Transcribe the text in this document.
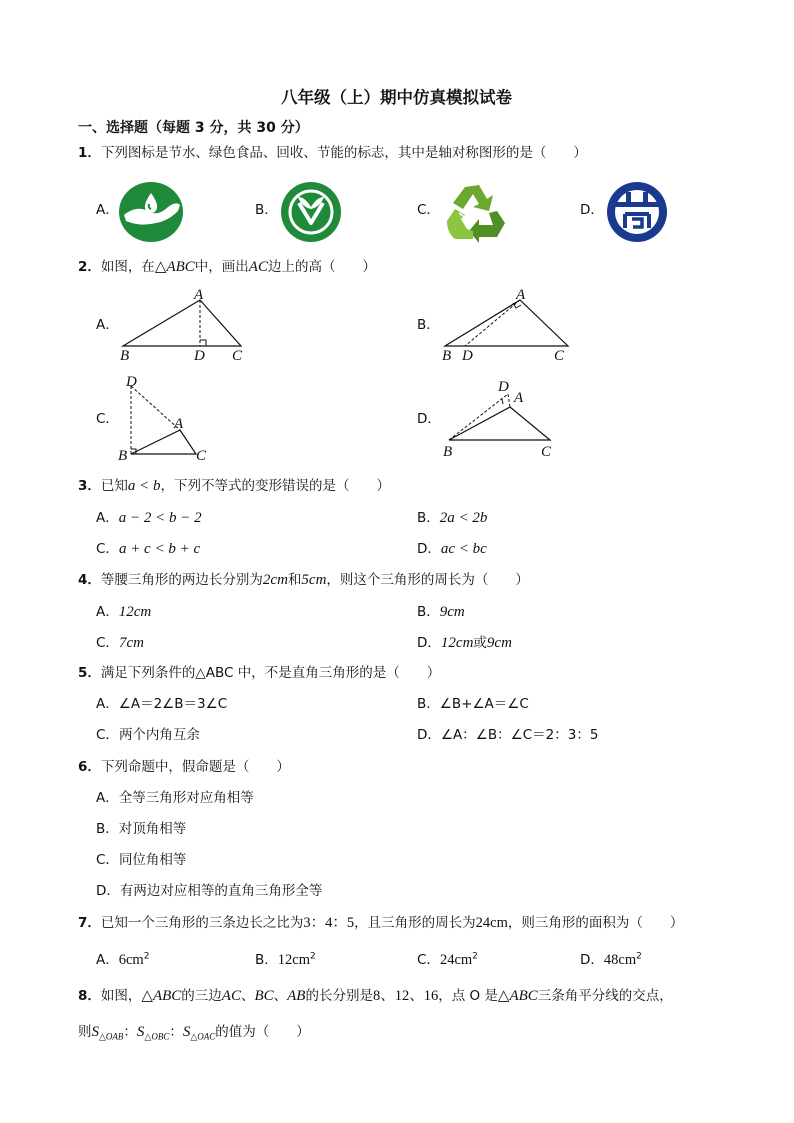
八年级（上）期中仿真模拟试卷
一、选择题（每题 3 分，共 30 分）
1．下列图标是节水、绿色食品、回收、节能的标志，其中是轴对称图形的是（　　）
A．	B．	C．	D．
2．如图，在△ABC中，画出AC边上的高（　　）
A．
A
B	D C
B．
A
B D	C
C．
D
A
B	C
D．
D
A
B	C
3．已知a < b，下列不等式的变形错误的是（　　）
A．a − 2 < b − 2	B．2a < 2b
C．a + c < b + c	D．ac < bc
4．等腰三角形的两边长分别为2cm和5cm，则这个三角形的周长为（　　）
A．12cm	B．9cm
C．7cm	D．12cm或9cm
5．满足下列条件的△ABC 中，不是直角三角形的是（　　）
A．∠A＝2∠B＝3∠C	B．∠B+∠A＝∠C
C．两个内角互余	D．∠A：∠B：∠C＝2：3：5
6．下列命题中，假命题是（　　）
A．全等三角形对应角相等
B．对顶角相等
C．同位角相等
D．有两边对应相等的直角三角形全等
7．已知一个三角形的三条边长之比为3：4：5，且三角形的周长为24cm，则三角形的面积为（　　）
A．$6cm^2$	B．$12cm^2$	C．$24cm^2$	D．$48cm^2$
8．如图，△ABC的三边AC、BC、AB的长分别是8、12、16，点 O 是△ABC三条角平分线的交点，
则$S_{\triangle OAB}$：$S_{\triangle OBC}$：$S_{\triangle OAC}$的值为（　　）
